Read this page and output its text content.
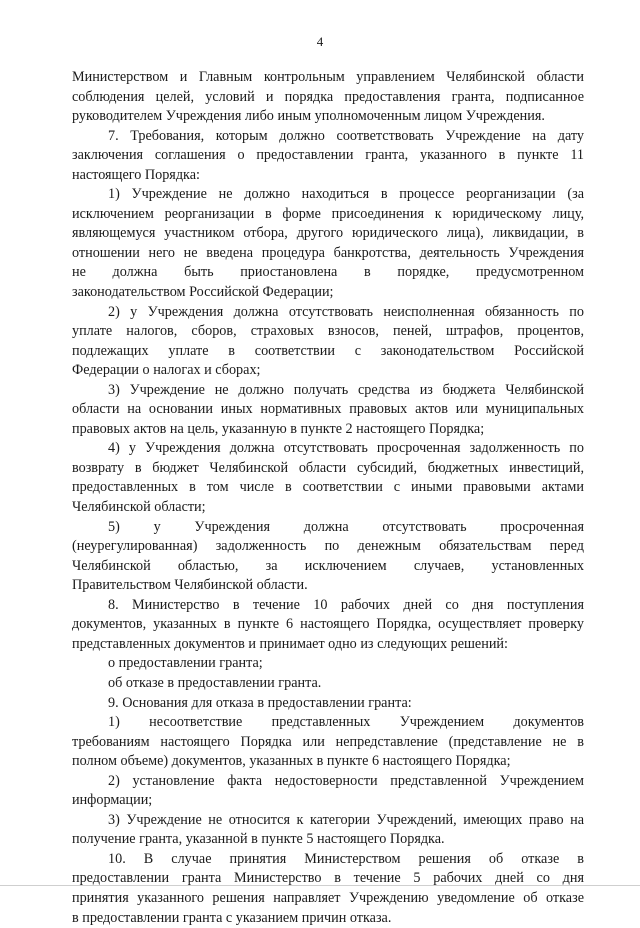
4
Министерством и Главным контрольным управлением Челябинской области
соблюдения целей, условий и порядка предоставления гранта, подписанное
руководителем Учреждения либо иным уполномоченным лицом Учреждения.
7. Требования, которым должно соответствовать Учреждение на дату
заключения соглашения о предоставлении гранта, указанного в пункте 11
настоящего Порядка:
1) Учреждение не должно находиться в процессе реорганизации (за
исключением реорганизации в форме присоединения к юридическому лицу,
являющемуся участником отбора, другого юридического лица), ликвидации, в
отношении него не введена процедура банкротства, деятельность Учреждения
не должна быть приостановлена в порядке, предусмотренном
законодательством Российской Федерации;
2) у Учреждения должна отсутствовать неисполненная обязанность по
уплате налогов, сборов, страховых взносов, пеней, штрафов, процентов,
подлежащих уплате в соответствии с законодательством Российской
Федерации о налогах и сборах;
3) Учреждение не должно получать средства из бюджета Челябинской
области на основании иных нормативных правовых актов или муниципальных
правовых актов на цель, указанную в пункте 2 настоящего Порядка;
4) у Учреждения должна отсутствовать просроченная задолженность по
возврату в бюджет Челябинской области субсидий, бюджетных инвестиций,
предоставленных в том числе в соответствии с иными правовыми актами
Челябинской области;
5) у Учреждения должна отсутствовать просроченная
(неурегулированная) задолженность по денежным обязательствам перед
Челябинской областью, за исключением случаев, установленных
Правительством Челябинской области.
8. Министерство в течение 10 рабочих дней со дня поступления
документов, указанных в пункте 6 настоящего Порядка, осуществляет проверку
представленных документов и принимает одно из следующих решений:
о предоставлении гранта;
об отказе в предоставлении гранта.
9. Основания для отказа в предоставлении гранта:
1) несоответствие представленных Учреждением документов
требованиям настоящего Порядка или непредставление (представление не в
полном объеме) документов, указанных в пункте 6 настоящего Порядка;
2) установление факта недостоверности представленной Учреждением
информации;
3) Учреждение не относится к категории Учреждений, имеющих право на
получение гранта, указанной в пункте 5 настоящего Порядка.
10. В случае принятия Министерством решения об отказе в
предоставлении гранта Министерство в течение 5 рабочих дней со дня
принятия указанного решения направляет Учреждению уведомление об отказе
в предоставлении гранта с указанием причин отказа.
